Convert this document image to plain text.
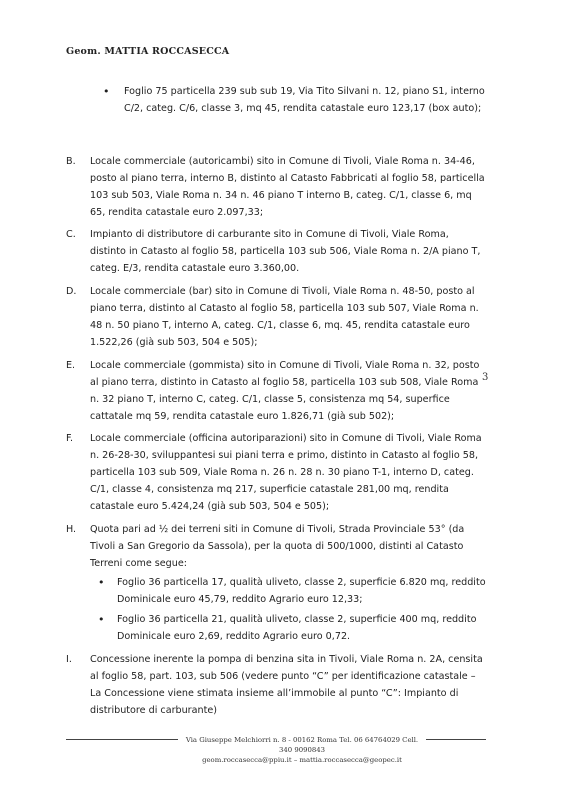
Geom. MATTIA ROCCASECCA
3
• Foglio 75 particella 239 sub sub 19, Via Tito Silvani n. 12, piano S1, interno C/2, categ. C/6, classe 3, mq 45, rendita catastale euro 123,17 (box auto);
B. Locale commerciale (autoricambi) sito in Comune di Tivoli, Viale Roma n. 34-46, posto al piano terra, interno B, distinto al Catasto Fabbricati al foglio 58, particella 103 sub 503, Viale Roma n. 34 n. 46 piano T interno B, categ. C/1, classe 6, mq 65, rendita catastale euro 2.097,33;
C. Impianto di distributore di carburante sito in Comune di Tivoli, Viale Roma, distinto in Catasto al foglio 58, particella 103 sub 506, Viale Roma n. 2/A piano T, categ. E/3, rendita catastale euro 3.360,00.
D. Locale commerciale (bar) sito in Comune di Tivoli, Viale Roma n. 48-50, posto al piano terra, distinto al Catasto al foglio 58, particella 103 sub 507, Viale Roma n. 48 n. 50 piano T, interno A, categ. C/1, classe 6, mq. 45, rendita catastale euro 1.522,26 (già sub 503, 504 e 505);
E. Locale commerciale (gommista) sito in Comune di Tivoli, Viale Roma n. 32, posto al piano terra, distinto in Catasto al foglio 58, particella 103 sub 508, Viale Roma n. 32 piano T, interno C, categ. C/1, classe 5, consistenza mq 54, superfice cattatale mq 59, rendita catastale euro 1.826,71 (già sub 502);
F. Locale commerciale (officina autoriparazioni) sito in Comune di Tivoli, Viale Roma n. 26-28-30, sviluppantesi sui piani terra e primo, distinto in Catasto al foglio 58, particella 103 sub 509, Viale Roma n. 26 n. 28 n. 30 piano T-1, interno D, categ. C/1, classe 4, consistenza mq 217, superficie catastale 281,00 mq, rendita catastale euro 5.424,24 (già sub 503, 504 e 505);
H. Quota pari ad ½ dei terreni siti in Comune di Tivoli, Strada Provinciale 53° (da Tivoli a San Gregorio da Sassola), per la quota di 500/1000, distinti al Catasto Terreni come segue:
• Foglio 36 particella 17, qualità uliveto, classe 2, superficie 6.820 mq, reddito Dominicale euro 45,79, reddito Agrario euro 12,33;
• Foglio 36 particella 21, qualità uliveto, classe 2, superficie 400 mq, reddito Dominicale euro 2,69, reddito Agrario euro 0,72.
I. Concessione inerente la pompa di benzina sita in Tivoli, Viale Roma n. 2A, censita al foglio 58, part. 103, sub 506 (vedere punto “C” per identificazione catastale – La Concessione viene stimata insieme all’immobile al punto “C”: Impianto di distributore di carburante)
Via Giuseppe Melchiorri n. 8 - 00162 Roma Tel. 06 64764029 Cell. 340 9090843
geom.roccasecca@ppiu.it – mattia.roccasecca@geopec.it
